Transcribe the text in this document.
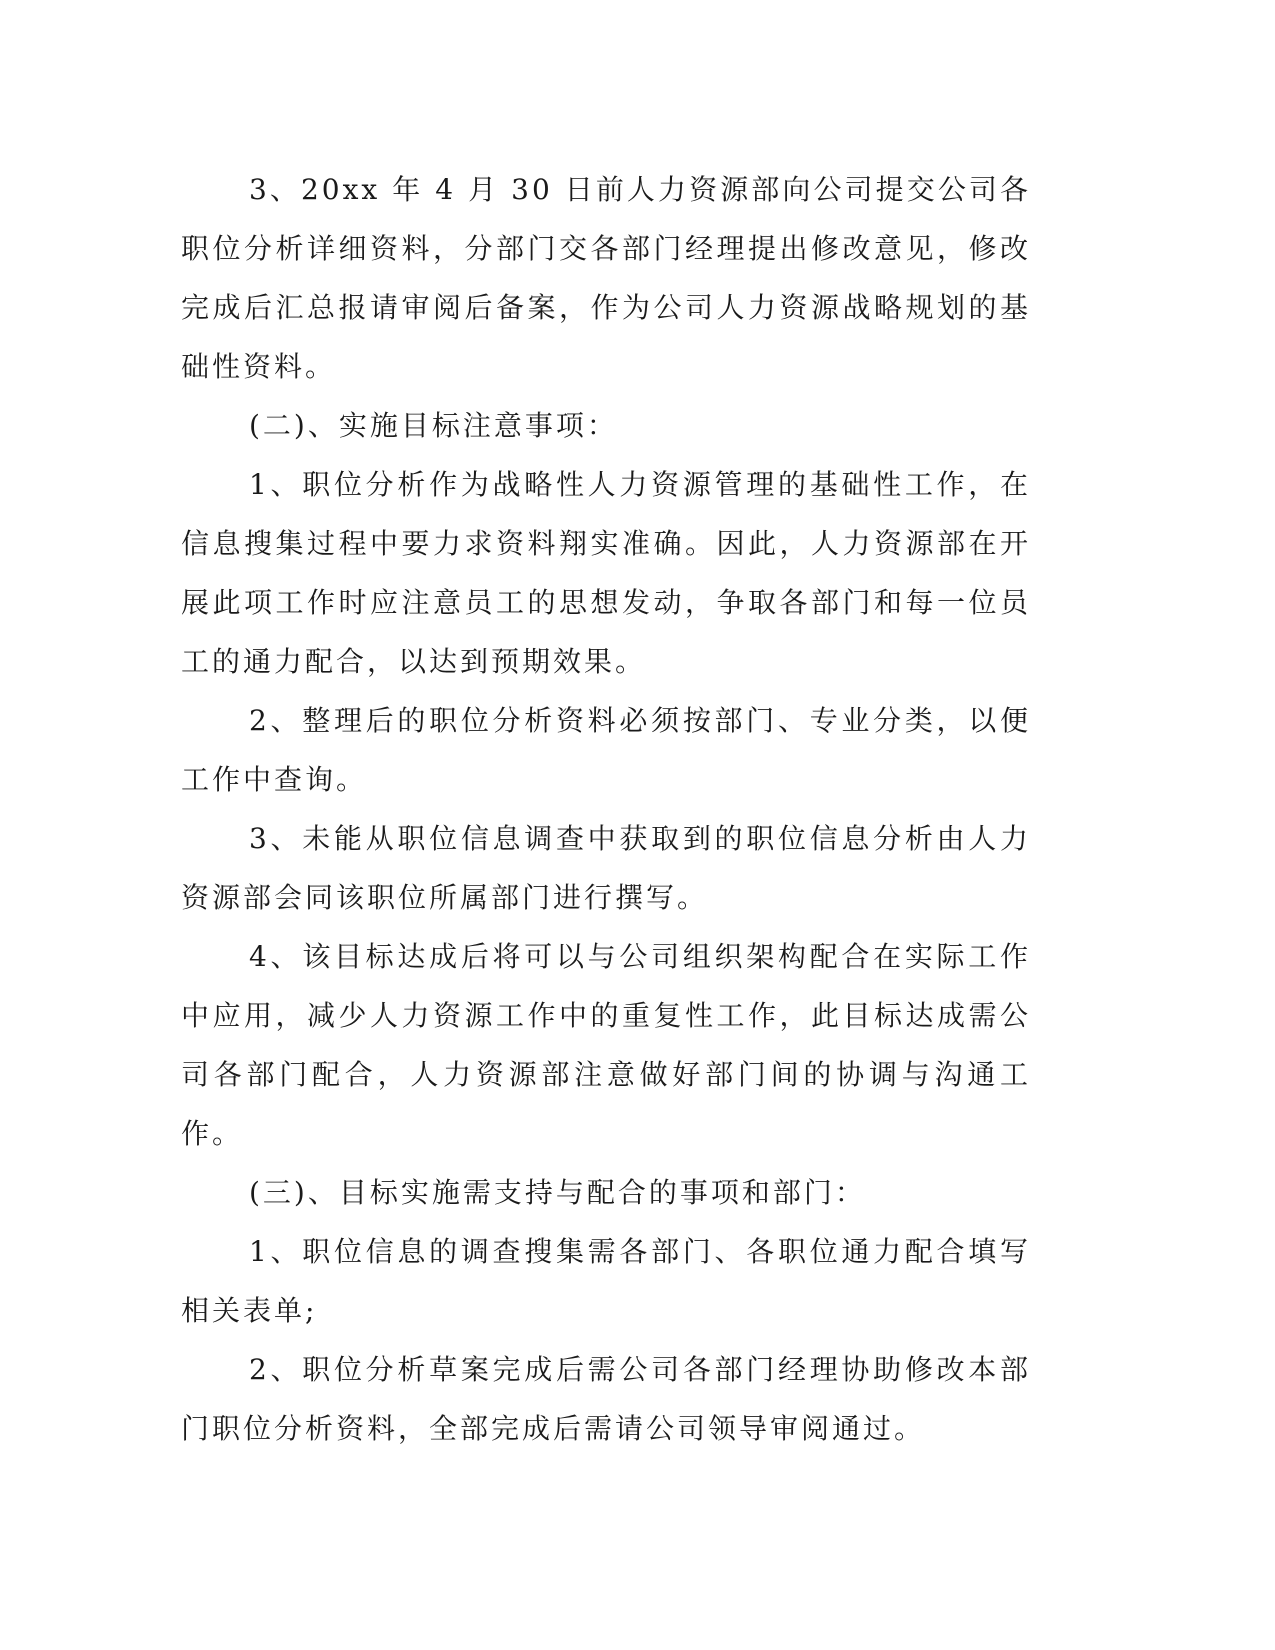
3、20xx 年 4 月 30 日前人力资源部向公司提交公司各职位分析详细资料，分部门交各部门经理提出修改意见，修改完成后汇总报请审阅后备案，作为公司人力资源战略规划的基础性资料。

(二)、实施目标注意事项：

1、职位分析作为战略性人力资源管理的基础性工作，在信息搜集过程中要力求资料翔实准确。因此，人力资源部在开展此项工作时应注意员工的思想发动，争取各部门和每一位员工的通力配合，以达到预期效果。

2、整理后的职位分析资料必须按部门、专业分类，以便工作中查询。

3、未能从职位信息调查中获取到的职位信息分析由人力资源部会同该职位所属部门进行撰写。

4、该目标达成后将可以与公司组织架构配合在实际工作中应用，减少人力资源工作中的重复性工作，此目标达成需公司各部门配合，人力资源部注意做好部门间的协调与沟通工作。

(三)、目标实施需支持与配合的事项和部门：

1、职位信息的调查搜集需各部门、各职位通力配合填写相关表单;

2、职位分析草案完成后需公司各部门经理协助修改本部门职位分析资料，全部完成后需请公司领导审阅通过。
